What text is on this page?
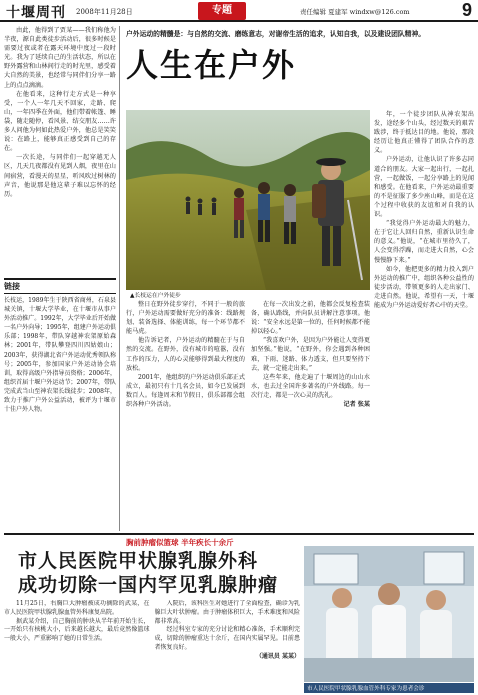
十堰周刊 2008年11月28日	专题	责任编辑 夏建军 windxw@126.com	9

由此，他得到了贾某——我们称他为半夜，源自此类徒步活动后，很多时候是需要过夜或者在露天环境中度过一段时光。我为了延续自己的生活状态，所以在野外露营和山林间行走的时光里，感受着大自然的美景，也经常与同伴们分享一路上的点点滴滴。

在他看来，这种行走方式是一种享受，一个人一年几天不回家，走路、爬山，一年四季在外面，他们带着帐篷、睡袋，随走随停，看风景、结交朋友……许多人问他为何如此热爱户外，他总是笑笑说：在路上，能够真正感受到自己的存在。

一次长途，与同伴们一起穿越无人区，几天几夜都没有见到人烟，夜里在山间宿营，看漫天的星星，听风吹过树林的声音，他说那是他这辈子难以忘怀的经历。

链接
长枝运，1989年生于陕西省商州，石泉县城关镇，十堰大学毕业，在十堰市从事户外活动推广。1992年，大学毕业后开始做一名户外向导；1995年，组建户外运动俱乐部；1998年，带队穿越神农架原始森林；2001年，带队攀登四川四姑娘山；2003年，获得湖北省户外运动优秀领队称号；2005年，参加国家户外运动协会培训，取得高级户外指导员资格；2006年，组织首届十堰户外运动节；2007年，带队完成武当山至神农架长线徒步；2008年，致力于推广户外公益活动，被评为十堰市十佳户外人物。
户外运动的精髓是：与自然的交流、磨练意志，对谢帝生活的追求，认知自我，以及建设团队精神。
人生在户外
▲长枝运在户外徒步

年，一个徒步团队从神农架出发，途经多个山头，经过数天的艰苦跋涉，终于抵达目的地。他说，那段经历让他真正懂得了团队合作的意义。

户外运动，让他认识了许多志同道合的朋友。大家一起出行，一起扎营，一起做饭，一起分享路上的见闻和感受。在他看来，户外运动最重要的不是征服了多少座山峰，而是在这个过程中收获的友谊和对自我的认识。

“我觉得户外运动最大的魅力，在于它让人回归自然，重新认识生命的意义。”他说，“在城市里待久了，人会变得浮躁，而走进大自然，心会慢慢静下来。”

如今，他把更多的精力投入到户外运动的推广中，组织各种公益性的徒步活动，带领更多的人走出家门、走进自然。他说，希望有一天，十堰能成为户外运动爱好者心中的天堂。

整日在野外徒步穿行，不同于一般的旅行，户外运动需要做好充分的准备：线路规划、装备选择、体能训练，每一个环节都不能马虎。

他告诉记者，户外运动的精髓在于与自然的交流。在野外，没有城市的喧嚣，没有工作的压力，人的心灵能够得到最大程度的放松。

2001年，他组织的户外运动俱乐部正式成立，最初只有十几名会员，如今已发展到数百人。每逢周末和节假日，俱乐部都会组织各种户外活动。

在每一次出发之前，他都会反复检查装备，确认路线，并向队员讲解注意事项。他说：“安全永远是第一位的，任何时候都不能掉以轻心。”

“我喜欢户外，是因为户外能让人变得更加坚强。”他说，“在野外，你会遇到各种困难，下雨、迷路、体力透支，但只要坚持下去，就一定能走出来。”

这些年来，他走遍了十堰周边的山山水水，也去过全国许多著名的户外线路。每一次行走，都是一次心灵的洗礼。

记者 张某

胸前肿瘤似篮球 半年疾长十余斤
市人民医院甲状腺乳腺外科
成功切除一国内罕见乳腺肿瘤

11月25日，右胸巨大肿瘤被成功摘除的武某，在市人民医院甲状腺乳腺血管外科康复出院。

据武某介绍，自己胸前的肿块从半年前开始生长，一开始只有核桃大小，后来越长越大，最后竟然像篮球一般大小，严重影响了她的日常生活。

入院后，该科医生对她进行了全面检查，确诊为乳腺巨大叶状肿瘤。由于肿瘤体积巨大，手术难度和风险都非常高。

经过科室专家的充分讨论和精心准备，手术顺利完成，切除的肿瘤重达十余斤，在国内实属罕见。目前患者恢复良好。

（通讯员 某某）

市人民医院甲状腺乳腺血管外科专家为患者会诊
